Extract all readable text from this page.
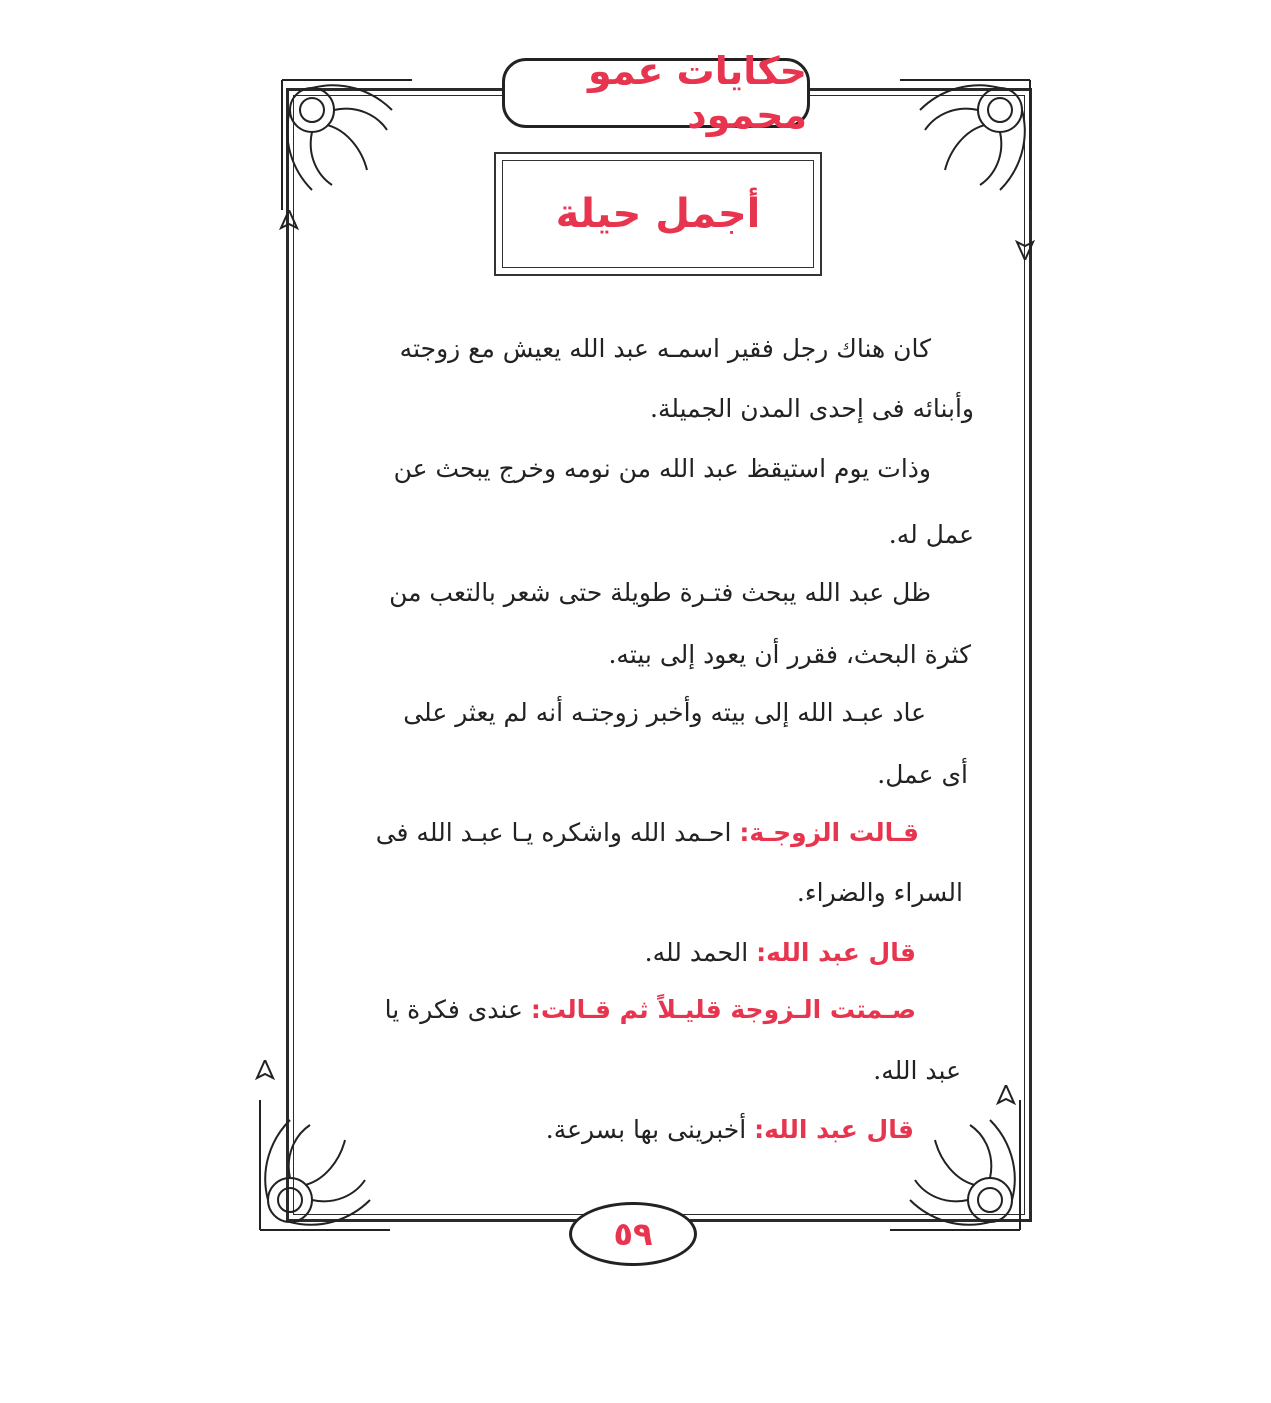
حكايات عمو محمود
أجمل حيلة
كان هناك رجل فقير اسمـه عبد الله يعيش مع زوجته
وأبنائه فى إحدى المدن الجميلة.
وذات يوم استيقظ عبد الله من نومه وخرج يبحث عن
عمل له.
ظل عبد الله يبحث فتـرة طويلة حتى شعر بالتعب من
كثرة البحث، فقرر أن يعود إلى بيته.
عاد عبـد الله إلى بيته وأخبر زوجتـه أنه لم يعثر على
أى عمل.
قـالت الزوجـة: احـمد الله واشكره يـا عبـد الله فى
السراء والضراء.
قال عبد الله: الحمد لله.
صـمتت الـزوجة قليـلاً ثم قـالت: عندى فكرة يا
عبد الله.
قال عبد الله: أخبرينى بها بسرعة.
٥٩
